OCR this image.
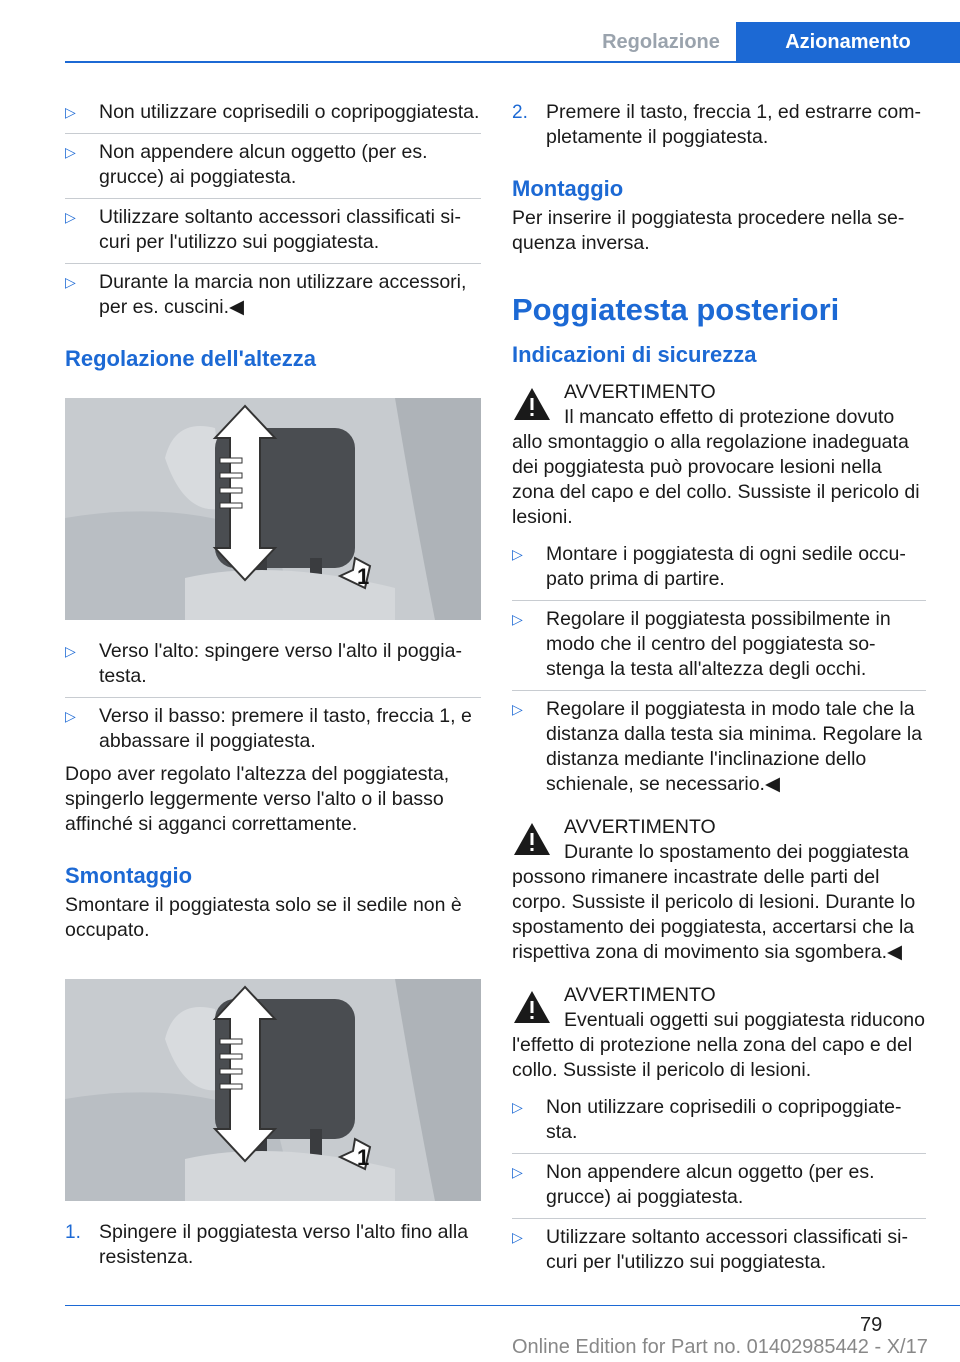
Regolazione	Azionamento
▷ Non utilizzare coprisedili o copripoggiatesta.
▷ Non appendere alcun oggetto (per es. grucce) ai poggiatesta.
▷ Utilizzare soltanto accessori classificati sicuri per l'utilizzo sui poggiatesta.
▷ Durante la marcia non utilizzare accessori, per es. cuscini.◀
Regolazione dell'altezza
1
▷ Verso l'alto: spingere verso l'alto il poggiatesta.
▷ Verso il basso: premere il tasto, freccia 1, e abbassare il poggiatesta.

Dopo aver regolato l'altezza del poggiatesta, spingerlo leggermente verso l'alto o il basso affinché si agganci correttamente.

Smontaggio

Smontare il poggiatesta solo se il sedile non è occupato.

1
1. Spingere il poggiatesta verso l'alto fino alla resistenza.
2. Premere il tasto, freccia 1, ed estrarre completamente il poggiatesta.
Montaggio

Per inserire il poggiatesta procedere nella sequenza inversa.

Poggiatesta posteriori
Indicazioni di sicurezza
AVVERTIMENTO
Il mancato effetto di protezione dovuto allo smontaggio o alla regolazione inadeguata dei poggiatesta può provocare lesioni nella zona del capo e del collo. Sussiste il pericolo di lesioni.
▷ Montare i poggiatesta di ogni sedile occupato prima di partire.
▷ Regolare il poggiatesta possibilmente in modo che il centro del poggiatesta sostenga la testa all'altezza degli occhi.
▷ Regolare il poggiatesta in modo tale che la distanza dalla testa sia minima. Regolare la distanza mediante l'inclinazione dello schienale, se necessario.◀
AVVERTIMENTO
Durante lo spostamento dei poggiatesta possono rimanere incastrate delle parti del corpo. Sussiste il pericolo di lesioni. Durante lo spostamento dei poggiatesta, accertarsi che la rispettiva zona di movimento sia sgombera.◀
AVVERTIMENTO
Eventuali oggetti sui poggiatesta riducono l'effetto di protezione nella zona del capo e del collo. Sussiste il pericolo di lesioni.
▷ Non utilizzare coprisedili o copripoggiatesta.
▷ Non appendere alcun oggetto (per es. grucce) ai poggiatesta.
▷ Utilizzare soltanto accessori classificati sicuri per l'utilizzo sui poggiatesta.
79
Online Edition for Part no. 01402985442 - X/17
